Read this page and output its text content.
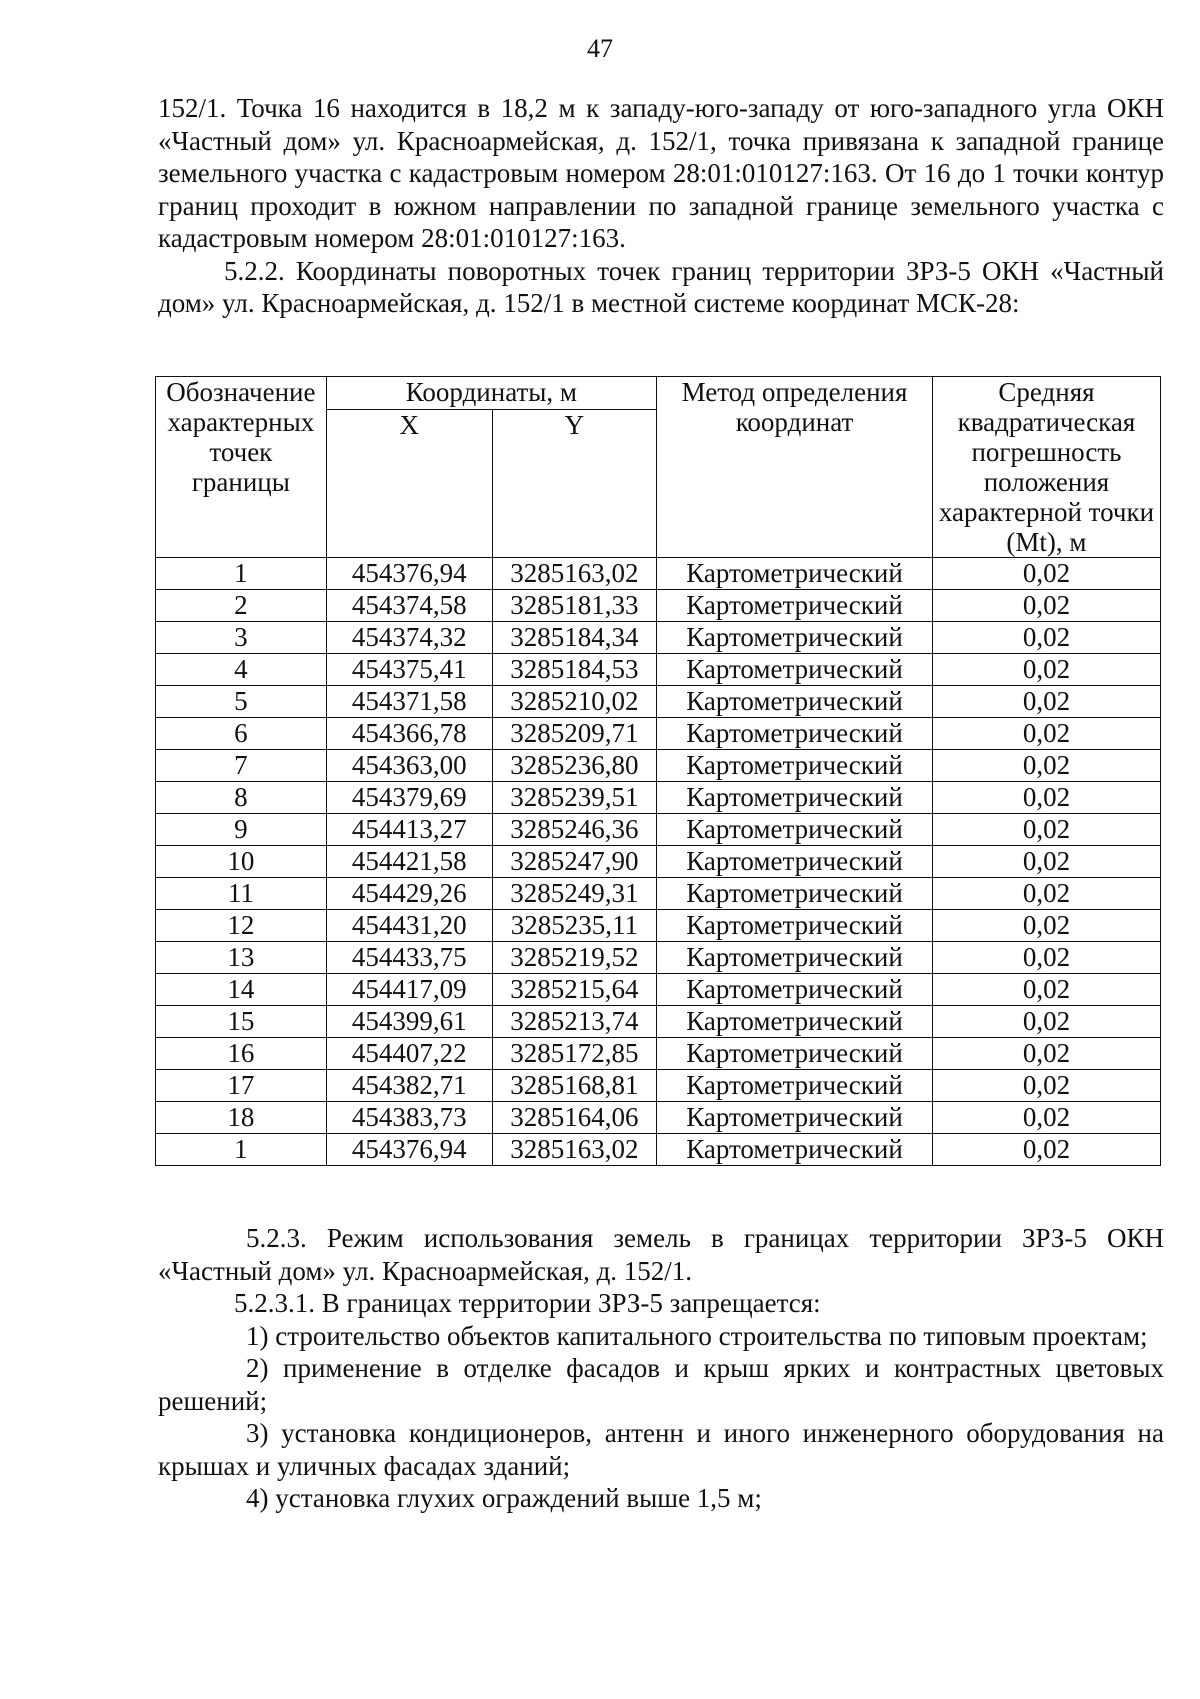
47

152/1. Точка 16 находится в 18,2 м к западу-юго-западу от юго-западного угла ОКН «Частный дом» ул. Красноармейская, д. 152/1, точка привязана к западной границе земельного участка с кадастровым номером 28:01:010127:163. От 16 до 1 точки контур границ проходит в южном направлении по западной границе земельного участка с кадастровым номером 28:01:010127:163.

5.2.2. Координаты поворотных точек границ территории ЗРЗ-5 ОКН «Частный дом» ул. Красноармейская, д. 152/1 в местной системе координат МСК-28:

Обозначение характерных точек границы	Координаты, м		Метод определения координат	Средняя квадратическая погрешность положения характерной точки (Mt), м
	X	Y		
1	454376,94	3285163,02	Картометрический	0,02
2	454374,58	3285181,33	Картометрический	0,02
3	454374,32	3285184,34	Картометрический	0,02
4	454375,41	3285184,53	Картометрический	0,02
5	454371,58	3285210,02	Картометрический	0,02
6	454366,78	3285209,71	Картометрический	0,02
7	454363,00	3285236,80	Картометрический	0,02
8	454379,69	3285239,51	Картометрический	0,02
9	454413,27	3285246,36	Картометрический	0,02
10	454421,58	3285247,90	Картометрический	0,02
11	454429,26	3285249,31	Картометрический	0,02
12	454431,20	3285235,11	Картометрический	0,02
13	454433,75	3285219,52	Картометрический	0,02
14	454417,09	3285215,64	Картометрический	0,02
15	454399,61	3285213,74	Картометрический	0,02
16	454407,22	3285172,85	Картометрический	0,02
17	454382,71	3285168,81	Картометрический	0,02
18	454383,73	3285164,06	Картометрический	0,02
1	454376,94	3285163,02	Картометрический	0,02

5.2.3. Режим использования земель в границах территории ЗРЗ-5 ОКН «Частный дом» ул. Красноармейская, д. 152/1.

5.2.3.1. В границах территории ЗРЗ-5 запрещается:

1) строительство объектов капитального строительства по типовым проектам;

2) применение в отделке фасадов и крыш ярких и контрастных цветовых решений;

3) установка кондиционеров, антенн и иного инженерного оборудования на крышах и уличных фасадах зданий;

4) установка глухих ограждений выше 1,5 м;
